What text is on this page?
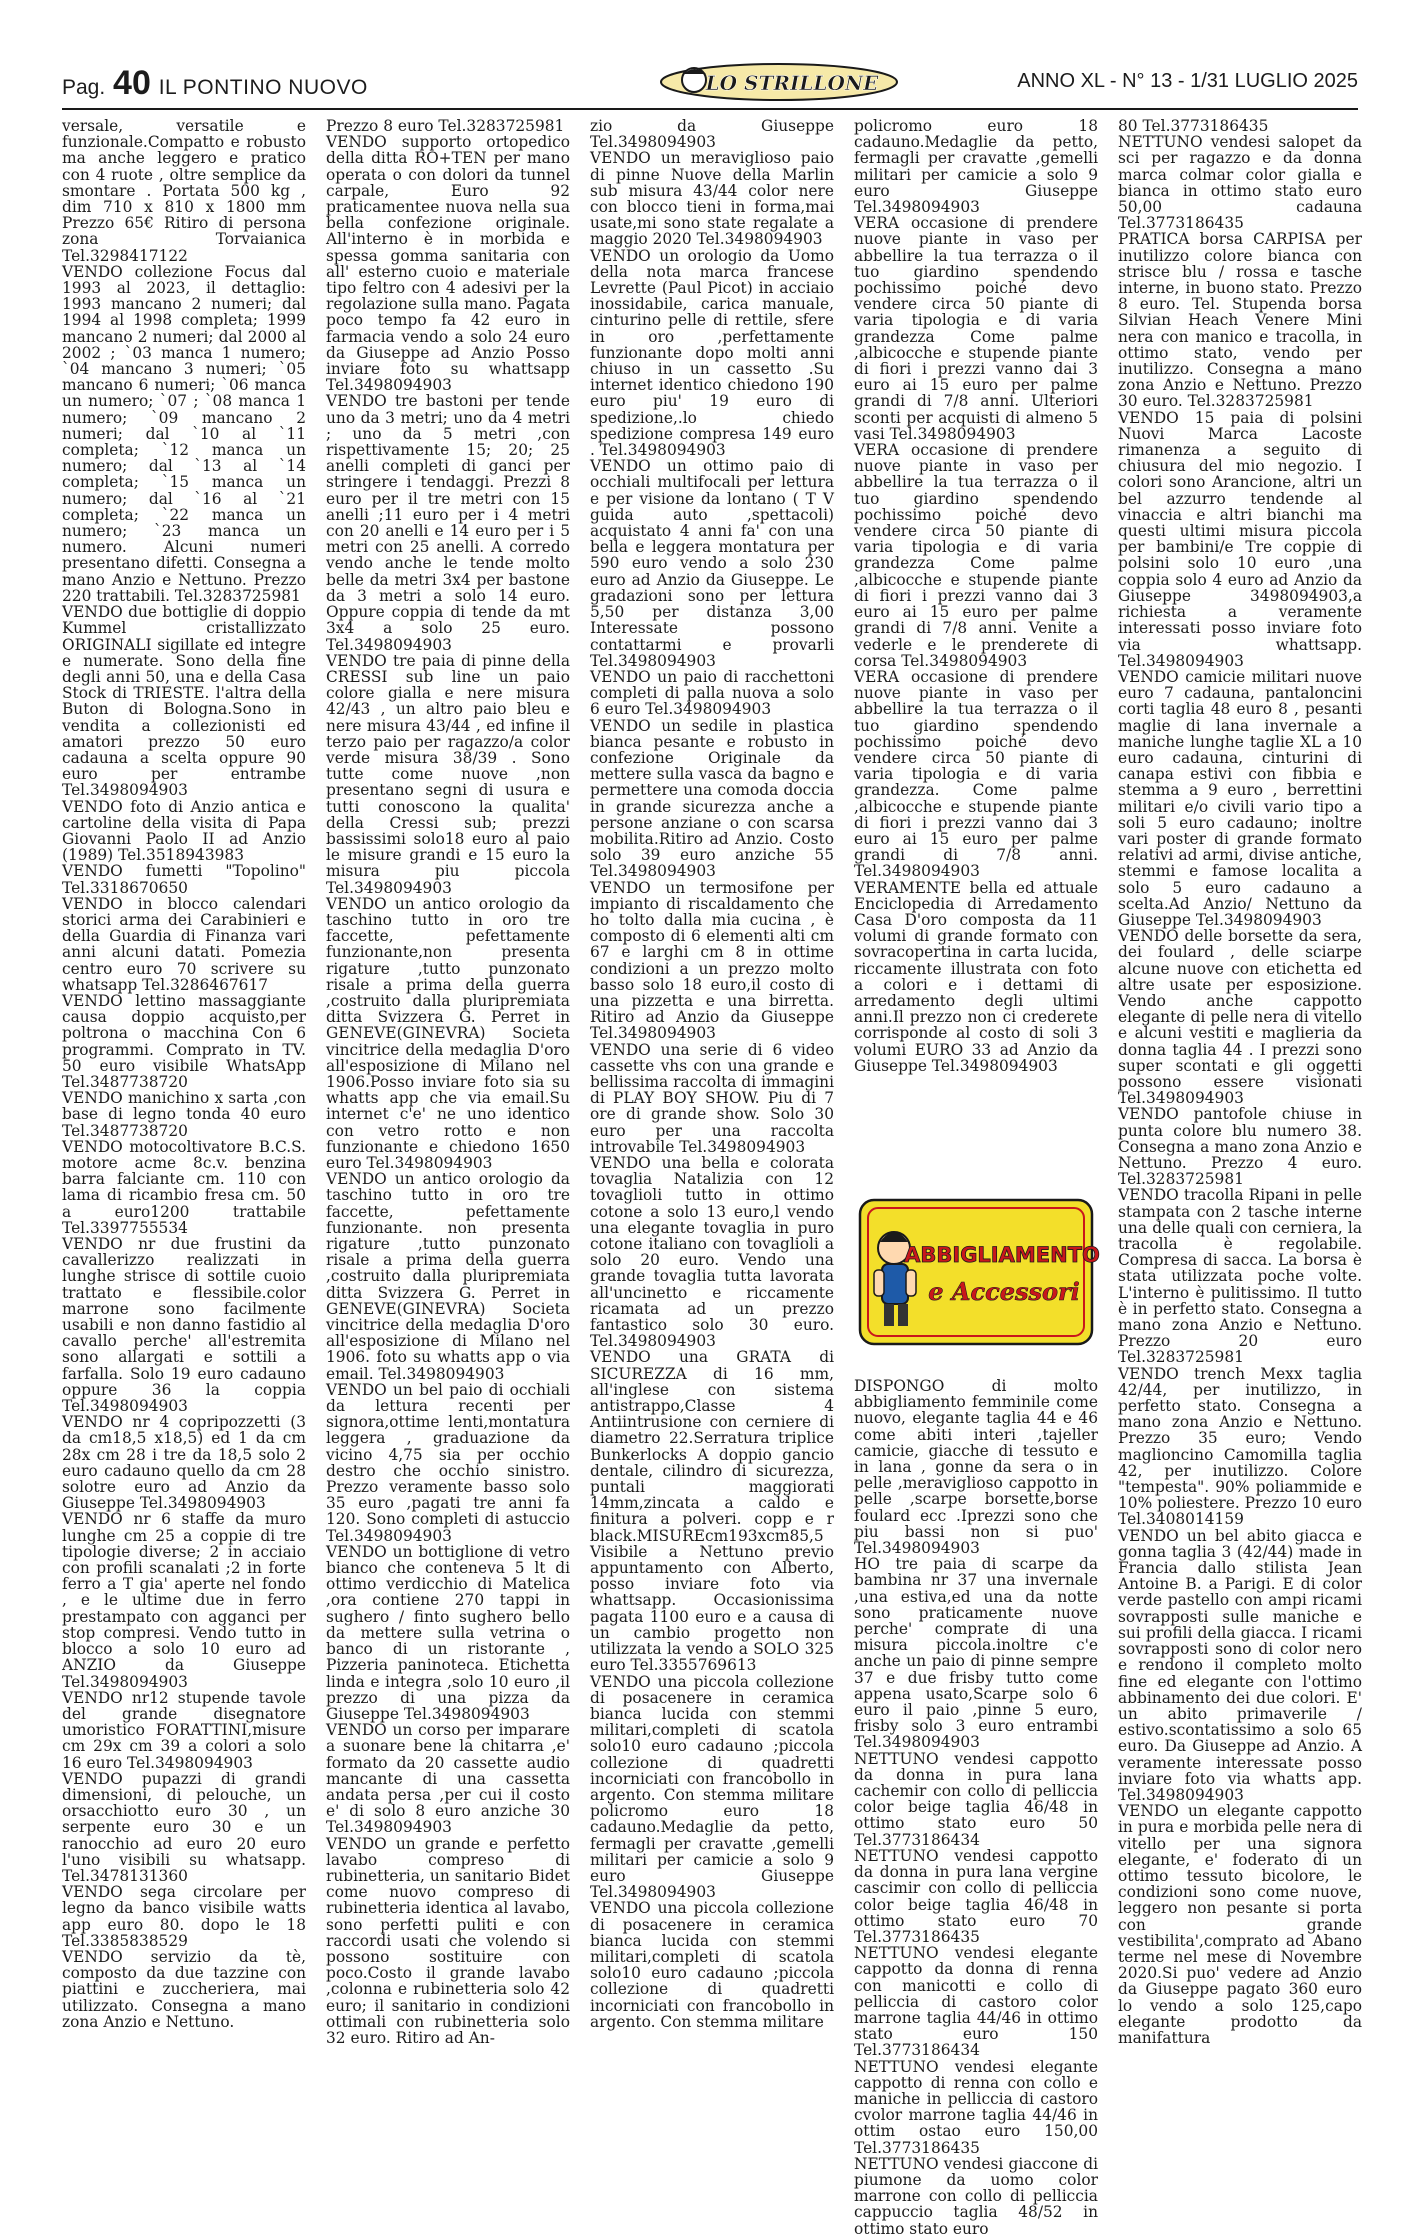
Pag. 40 IL PONTINO NUOVO	LO STRILLONE	ANNO XL - N° 13 - 1/31 LUGLIO 2025

versale, versatile e funzionale.Compatto e robusto ma anche leggero e pratico con 4 ruote , oltre semplice da smontare . Portata 500 kg , dim 710 x 810 x 1800 mm Prezzo 65€ Ritiro di persona zona Torvaianica Tel.3298417122

VENDO collezione Focus dal 1993 al 2023, il dettaglio: 1993 mancano 2 numeri; dal 1994 al 1998 completa; 1999 mancano 2 numeri; dal 2000 al 2002 ; `03 manca 1 numero; `04 mancano 3 numeri; `05 mancano 6 numeri; `06 manca un numero; `07 ; `08 manca 1 numero; `09 mancano 2 numeri; dal `10 al `11 completa; `12 manca un numero; dal `13 al `14 completa; `15 manca un numero; dal `16 al `21 completa; `22 manca un numero; `23 manca un numero. Alcuni numeri presentano difetti. Consegna a mano Anzio e Nettuno. Prezzo 220 trattabili. Tel.3283725981

VENDO due bottiglie di doppio Kummel cristallizzato ORIGINALI sigillate ed integre e numerate. Sono della fine degli anni 50, una e della Casa Stock di TRIESTE. l'altra della Buton di Bologna.Sono in vendita a collezionisti ed amatori prezzo 50 euro cadauna a scelta oppure 90 euro per entrambe Tel.3498094903

VENDO foto di Anzio antica e cartoline della visita di Papa Giovanni Paolo II ad Anzio (1989) Tel.3518943983

VENDO fumetti "Topolino" Tel.3318670650

VENDO in blocco calendari storici arma dei Carabinieri e della Guardia di Finanza vari anni alcuni datati. Pomezia centro euro 70 scrivere su whatsapp Tel.3286467617

VENDO lettino massaggiante causa doppio acquisto,per poltrona o macchina Con 6 programmi. Comprato in TV. 50 euro visibile WhatsApp Tel.3487738720

VENDO manichino x sarta ,con base di legno tonda 40 euro Tel.3487738720

VENDO motocoltivatore B.C.S. motore acme 8c.v. benzina barra falciante cm. 110 con lama di ricambio fresa cm. 50 a euro1200 trattabile Tel.3397755534

VENDO nr due frustini da cavallerizzo realizzati in lunghe strisce di sottile cuoio trattato e flessibile.color marrone sono facilmente usabili e non danno fastidio al cavallo perche' all'estremita sono allargati e sottili a farfalla. Solo 19 euro cadauno oppure 36 la coppia Tel.3498094903

VENDO nr 4 copripozzetti (3 da cm18,5 x18,5) ed 1 da cm 28x cm 28 i tre da 18,5 solo 2 euro cadauno quello da cm 28 solotre euro ad Anzio da Giuseppe Tel.3498094903

VENDO nr 6 staffe da muro lunghe cm 25 a coppie di tre tipologie diverse; 2 in acciaio con profili scanalati ;2 in forte ferro a T gia' aperte nel fondo , e le ultime due in ferro prestampato con agganci per stop compresi. Vendo tutto in blocco a solo 10 euro ad ANZIO da Giuseppe Tel.3498094903

VENDO nr12 stupende tavole del grande disegnatore umoristico FORATTINI,misure cm 29x cm 39 a colori a solo 16 euro Tel.3498094903

VENDO pupazzi di grandi dimensioni, di pelouche, un orsacchiotto euro 30 , un serpente euro 30 e un ranocchio ad euro 20 euro l'uno visibili su whatsapp. Tel.3478131360

VENDO sega circolare per legno da banco visibile watts app euro 80. dopo le 18 Tel.3385838529

VENDO servizio da tè, composto da due tazzine con piattini e zuccheriera, mai utilizzato. Consegna a mano zona Anzio e Nettuno.

Prezzo 8 euro Tel.3283725981

VENDO supporto ortopedico della ditta RO+TEN per mano operata o con dolori da tunnel carpale, Euro 92 praticamentee nuova nella sua bella confezione originale. All'interno è in morbida e spessa gomma sanitaria con all' esterno cuoio e materiale tipo feltro con 4 adesivi per la regolazione sulla mano. Pagata poco tempo fa 42 euro in farmacia vendo a solo 24 euro da Giuseppe ad Anzio Posso inviare foto su whattsapp Tel.3498094903

VENDO tre bastoni per tende uno da 3 metri; uno da 4 metri ; uno da 5 metri ,con rispettivamente 15; 20; 25 anelli completi di ganci per stringere i tendaggi. Prezzi 8 euro per il tre metri con 15 anelli ;11 euro per i 4 metri con 20 anelli e 14 euro per i 5 metri con 25 anelli. A corredo vendo anche le tende molto belle da metri 3x4 per bastone da 3 metri a solo 14 euro. Oppure coppia di tende da mt 3x4 a solo 25 euro. Tel.3498094903

VENDO tre paia di pinne della CRESSI sub line un paio colore gialla e nere misura 42/43 , un altro paio bleu e nere misura 43/44 , ed infine il terzo paio per ragazzo/a color verde misura 38/39 . Sono tutte come nuove ,non presentano segni di usura e tutti conoscono la qualita' della Cressi sub; prezzi bassissimi solo18 euro al paio le misure grandi e 15 euro la misura piu piccola Tel.3498094903

VENDO un antico orologio da taschino tutto in oro tre faccette, pefettamente funzionante,non presenta rigature ,tutto punzonato risale a prima della guerra ,costruito dalla pluripremiata ditta Svizzera G. Perret in GENEVE(GINEVRA) Societa vincitrice della medaglia D'oro all'esposizione di Milano nel 1906.Posso inviare foto sia su whatts app che via email.Su internet c'e' ne uno identico con vetro rotto e non funzionante e chiedono 1650 euro Tel.3498094903

VENDO un antico orologio da taschino tutto in oro tre faccette, pefettamente funzionante. non presenta rigature ,tutto punzonato risale a prima della guerra ,costruito dalla pluripremiata ditta Svizzera G. Perret in GENEVE(GINEVRA) Societa vincitrice della medaglia D'oro all'esposizione di Milano nel 1906. foto su whatts app o via email. Tel.3498094903

VENDO un bel paio di occhiali da lettura recenti per signora,ottime lenti,montatura leggera , graduazione da vicino 4,75 sia per occhio destro che occhio sinistro. Prezzo veramente basso solo 35 euro ,pagati tre anni fa 120. Sono completi di astuccio Tel.3498094903

VENDO un bottiglione di vetro bianco che conteneva 5 lt di ottimo verdicchio di Matelica ,ora contiene 270 tappi in sughero / finto sughero bello da mettere sulla vetrina o banco di un ristorante , Pizzeria paninoteca. Etichetta linda e integra ,solo 10 euro ,il prezzo di una pizza da Giuseppe Tel.3498094903

VENDO un corso per imparare a suonare bene la chitarra ,e' formato da 20 cassette audio mancante di una cassetta andata persa ,per cui il costo e' di solo 8 euro anziche 30 Tel.3498094903

VENDO un grande e perfetto lavabo compreso di rubinetteria, un sanitario Bidet come nuovo compreso di rubinetteria identica al lavabo, sono perfetti puliti e con raccordi usati che volendo si possono sostituire con poco.Costo il grande lavabo ,colonna e rubinetteria solo 42 euro; il sanitario in condizioni ottimali con rubinetteria solo 32 euro. Ritiro ad An-

zio da Giuseppe Tel.3498094903

VENDO un meraviglioso paio di pinne Nuove della Marlin sub misura 43/44 color nere con blocco tieni in forma,mai usate,mi sono state regalate a maggio 2020 Tel.3498094903

VENDO un orologio da Uomo della nota marca francese Levrette (Paul Picot) in acciaio inossidabile, carica manuale, cinturino pelle di rettile, sfere in oro ,perfettamente funzionante dopo molti anni chiuso in un cassetto .Su internet identico chiedono 190 euro piu' 19 euro di spedizione,.lo chiedo spedizione compresa 149 euro . Tel.3498094903

VENDO un ottimo paio di occhiali multifocali per lettura e per visione da lontano ( T V guida auto ,spettacoli) acquistato 4 anni fa' con una bella e leggera montatura per 590 euro vendo a solo 230 euro ad Anzio da Giuseppe. Le gradazioni sono per lettura 5,50 per distanza 3,00 Interessate possono contattarmi e provarli Tel.3498094903

VENDO un paio di racchettoni completi di palla nuova a solo 6 euro Tel.3498094903

VENDO un sedile in plastica bianca pesante e robusto in confezione Originale da mettere sulla vasca da bagno e permettere una comoda doccia in grande sicurezza anche a persone anziane o con scarsa mobilita.Ritiro ad Anzio. Costo solo 39 euro anziche 55 Tel.3498094903

VENDO un termosifone per impianto di riscaldamento che ho tolto dalla mia cucina , è composto di 6 elementi alti cm 67 e larghi cm 8 in ottime condizioni a un prezzo molto basso solo 18 euro,il costo di una pizzetta e una birretta. Ritiro ad Anzio da Giuseppe Tel.3498094903

VENDO una serie di 6 video cassette vhs con una grande e bellissima raccolta di immagini di PLAY BOY SHOW. Piu di 7 ore di grande show. Solo 30 euro per una raccolta introvabile Tel.3498094903

VENDO una bella e colorata tovaglia Natalizia con 12 tovaglioli tutto in ottimo cotone a solo 13 euro,l vendo una elegante tovaglia in puro cotone italiano con tovaglioli a solo 20 euro. Vendo una grande tovaglia tutta lavorata all'uncinetto e riccamente ricamata ad un prezzo fantastico solo 30 euro. Tel.3498094903

VENDO una GRATA di SICUREZZA di 16 mm, all'inglese con sistema antistrappo,Classe 4 Antiintrusione con cerniere di diametro 22.Serratura triplice Bunkerlocks A doppio gancio dentale, cilindro di sicurezza, puntali maggiorati 14mm,zincata a caldo e finitura a polveri. copp e r black.MISUREcm193xcm85,5 Visibile a Nettuno previo appuntamento con Alberto, posso inviare foto via whattsapp. Occasionissima pagata 1100 euro e a causa di un cambio progetto non utilizzata la vendo a SOLO 325 euro Tel.3355769613

VENDO una piccola collezione di posacenere in ceramica bianca lucida con stemmi militari,completi di scatola solo10 euro cadauno ;piccola collezione di quadretti incorniciati con francobollo in argento. Con stemma militare policromo euro 18 cadauno.Medaglie da petto, fermagli per cravatte ,gemelli militari per camicie a solo 9 euro Giuseppe Tel.3498094903

VENDO una piccola collezione di posacenere in ceramica bianca lucida con stemmi militari,completi di scatola solo10 euro cadauno ;piccola collezione di quadretti incorniciati con francobollo in argento. Con stemma militare

policromo euro 18 cadauno.Medaglie da petto, fermagli per cravatte ,gemelli militari per camicie a solo 9 euro Giuseppe Tel.3498094903

VERA occasione di prendere nuove piante in vaso per abbellire la tua terrazza o il tuo giardino spendendo pochissimo poiché devo vendere circa 50 piante di varia tipologia e di varia grandezza Come palme ,albicocche e stupende piante di fiori i prezzi vanno dai 3 euro ai 15 euro per palme grandi di 7/8 anni. Ulteriori sconti per acquisti di almeno 5 vasi Tel.3498094903

VERA occasione di prendere nuove piante in vaso per abbellire la tua terrazza o il tuo giardino spendendo pochissimo poiché devo vendere circa 50 piante di varia tipologia e di varia grandezza Come palme ,albicocche e stupende piante di fiori i prezzi vanno dai 3 euro ai 15 euro per palme grandi di 7/8 anni. Venite a vederle e le prenderete di corsa Tel.3498094903

VERA occasione di prendere nuove piante in vaso per abbellire la tua terrazza o il tuo giardino spendendo pochissimo poiché devo vendere circa 50 piante di varia tipologia e di varia grandezza. Come palme ,albicocche e stupende piante di fiori i prezzi vanno dai 3 euro ai 15 euro per palme grandi di 7/8 anni. Tel.3498094903

VERAMENTE bella ed attuale Enciclopedia di Arredamento Casa D'oro composta da 11 volumi di grande formato con sovracopertina in carta lucida, riccamente illustrata con foto a colori e i dettami di arredamento degli ultimi anni.Il prezzo non ci crederete corrisponde al costo di soli 3 volumi EURO 33 ad Anzio da Giuseppe Tel.3498094903

ABBIGLIAMENTO
e Accessori

DISPONGO di molto abbigliamento femminile come nuovo, elegante taglia 44 e 46 come abiti interi ,tajeller camicie, giacche di tessuto e in lana , gonne da sera o in pelle ,meraviglioso cappotto in pelle ,scarpe borsette,borse foulard ecc .Iprezzi sono che piu bassi non si puo' Tel.3498094903

HO tre paia di scarpe da bambina nr 37 una invernale ,una estiva,ed una da notte sono praticamente nuove perche' comprate di una misura piccola.inoltre c'e anche un paio di pinne sempre 37 e due frisby tutto come appena usato,Scarpe solo 6 euro il paio ,pinne 5 euro, frisby solo 3 euro entrambi Tel.3498094903

NETTUNO vendesi cappotto da donna in pura lana cachemir con collo di pelliccia color beige taglia 46/48 in ottimo stato euro 50 Tel.3773186434

NETTUNO vendesi cappotto da donna in pura lana vergine cascimir con collo di pelliccia color beige taglia 46/48 in ottimo stato euro 70 Tel.3773186435

NETTUNO vendesi elegante cappotto da donna di renna con manicotti e collo di pelliccia di castoro color marrone taglia 44/46 in ottimo stato euro 150 Tel.3773186434

NETTUNO vendesi elegante cappotto di renna con collo e maniche in pelliccia di castoro cvolor marrone taglia 44/46 in ottim ostao euro 150,00 Tel.3773186435

NETTUNO vendesi giaccone di piumone da uomo color marrone con collo di pelliccia cappuccio taglia 48/52 in ottimo stato euro

80 Tel.3773186435

NETTUNO vendesi salopet da sci per ragazzo e da donna marca colmar color gialla e bianca in ottimo stato euro 50,00 cadauna Tel.3773186435

PRATICA borsa CARPISA per inutilizzo colore bianca con strisce blu / rossa e tasche interne, in buono stato. Prezzo 8 euro. Tel. Stupenda borsa Silvian Heach Venere Mini nera con manico e tracolla, in ottimo stato, vendo per inutilizzo. Consegna a mano zona Anzio e Nettuno. Prezzo 30 euro. Tel.3283725981

VENDO 15 paia di polsini Nuovi Marca Lacoste rimanenza a seguito di chiusura del mio negozio. I colori sono Arancione, altri un bel azzurro tendende al vinaccia e altri bianchi ma questi ultimi misura piccola per bambini/e Tre coppie di polsini solo 10 euro ,una coppia solo 4 euro ad Anzio da Giuseppe 3498094903,a richiesta a veramente interessati posso inviare foto via whattsapp. Tel.3498094903

VENDO camicie militari nuove euro 7 cadauna, pantaloncini corti taglia 48 euro 8 , pesanti maglie di lana invernale a maniche lunghe taglie XL a 10 euro cadauna, cinturini di canapa estivi con fibbia e stemma a 9 euro , berrettini militari e/o civili vario tipo a soli 5 euro cadauno; inoltre vari poster di grande formato relativi ad armi, divise antiche, stemmi e famose localita a solo 5 euro cadauno a scelta.Ad Anzio/ Nettuno da Giuseppe Tel.3498094903

VENDO delle borsette da sera, dei foulard , delle sciarpe alcune nuove con etichetta ed altre usate per esposizione. Vendo anche cappotto elegante di pelle nera di vitello e alcuni vestiti e maglieria da donna taglia 44 . I prezzi sono super scontati e gli oggetti possono essere visionati Tel.3498094903

VENDO pantofole chiuse in punta colore blu numero 38. Consegna a mano zona Anzio e Nettuno. Prezzo 4 euro. Tel.3283725981

VENDO tracolla Ripani in pelle stampata con 2 tasche interne una delle quali con cerniera, la tracolla è regolabile. Compresa di sacca. La borsa è stata utilizzata poche volte. L'interno è pulitissimo. Il tutto è in perfetto stato. Consegna a mano zona Anzio e Nettuno. Prezzo 20 euro Tel.3283725981

VENDO trench Mexx taglia 42/44, per inutilizzo, in perfetto stato. Consegna a mano zona Anzio e Nettuno. Prezzo 35 euro; Vendo maglioncino Camomilla taglia 42, per inutilizzo. Colore "tempesta". 90% poliammide e 10% poliestere. Prezzo 10 euro Tel.3408014159

VENDO un bel abito giacca e gonna taglia 3 (42/44) made in Francia dallo stilista Jean Antoine B. a Parigi. E di color verde pastello con ampi ricami sovrapposti sulle maniche e sui profili della giacca. I ricami sovrapposti sono di color nero e rendono il completo molto fine ed elegante con l'ottimo abbinamento dei due colori. E' un abito primaverile / estivo.scontatissimo a solo 65 euro. Da Giuseppe ad Anzio. A veramente interessate posso inviare foto via whatts app. Tel.3498094903

VENDO un elegante cappotto in pura e morbida pelle nera di vitello per una signora elegante, e' foderato di un ottimo tessuto bicolore, le condizioni sono come nuove, leggero non pesante si porta con grande vestibilita',comprato ad Abano terme nel mese di Novembre 2020.Si puo' vedere ad Anzio da Giuseppe pagato 360 euro lo vendo a solo 125,capo elegante prodotto da manifattura
